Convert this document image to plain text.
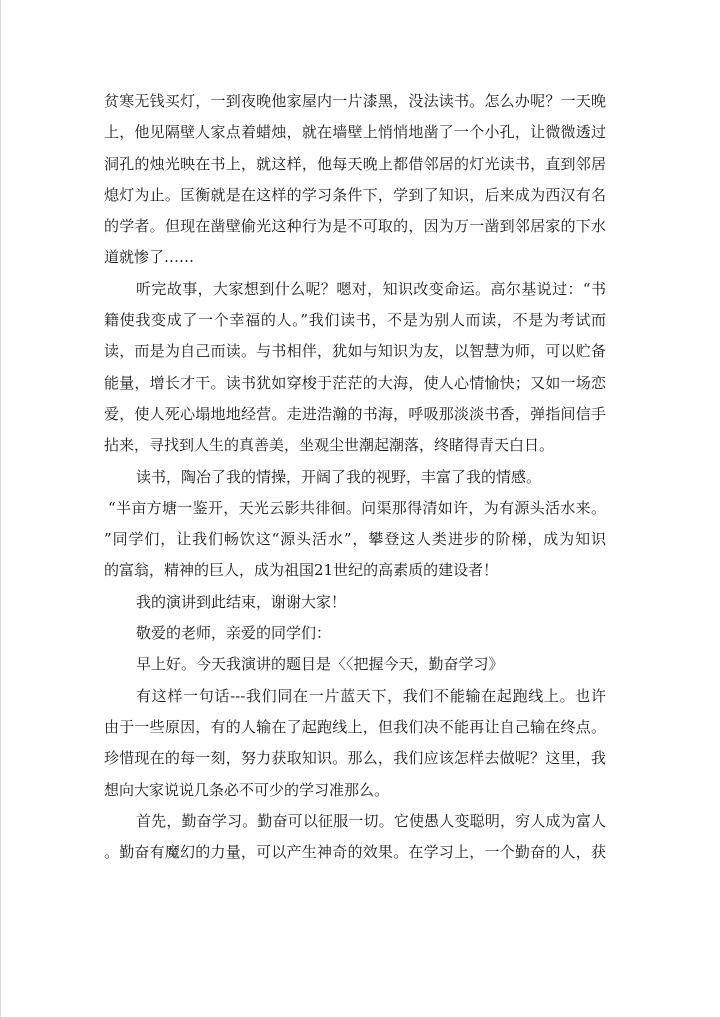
贫寒无钱买灯，一到夜晚他家屋内一片漆黑，没法读书。怎么办呢？一天晚
上，他见隔壁人家点着蜡烛，就在墙壁上悄悄地凿了一个小孔，让微微透过
洞孔的烛光映在书上，就这样，他每天晚上都借邻居的灯光读书，直到邻居
熄灯为止。匡衡就是在这样的学习条件下，学到了知识，后来成为西汉有名
的学者。但现在凿壁偷光这种行为是不可取的，因为万一凿到邻居家的下水
道就惨了……
听完故事，大家想到什么呢？嗯对，知识改变命运。高尔基说过：“书
籍使我变成了一个幸福的人。”我们读书，不是为别人而读，不是为考试而
读，而是为自己而读。与书相伴，犹如与知识为友，以智慧为师，可以贮备
能量，增长才干。读书犹如穿梭于茫茫的大海，使人心情愉快；又如一场恋
爱，使人死心塌地地经营。走进浩瀚的书海，呼吸那淡淡书香，弹指间信手
拈来，寻找到人生的真善美，坐观尘世潮起潮落，终睹得青天白日。
读书，陶冶了我的情操，开阔了我的视野，丰富了我的情感。
“半亩方塘一鉴开，天光云影共徘徊。问渠那得清如许，为有源头活水来。
”同学们，让我们畅饮这“源头活水”，攀登这人类进步的阶梯，成为知识
的富翁，精神的巨人，成为祖国21世纪的高素质的建设者！
我的演讲到此结束，谢谢大家！
敬爱的老师，亲爱的同学们：
早上好。今天我演讲的题目是〈〈把握今天，勤奋学习》
有这样一句话---我们同在一片蓝天下，我们不能输在起跑线上。也许
由于一些原因，有的人输在了起跑线上，但我们决不能再让自己输在终点。
珍惜现在的每一刻，努力获取知识。那么，我们应该怎样去做呢？这里，我
想向大家说说几条必不可少的学习准那么。
首先，勤奋学习。勤奋可以征服一切。它使愚人变聪明，穷人成为富人
。勤奋有魔幻的力量，可以产生神奇的效果。在学习上，一个勤奋的人，获
